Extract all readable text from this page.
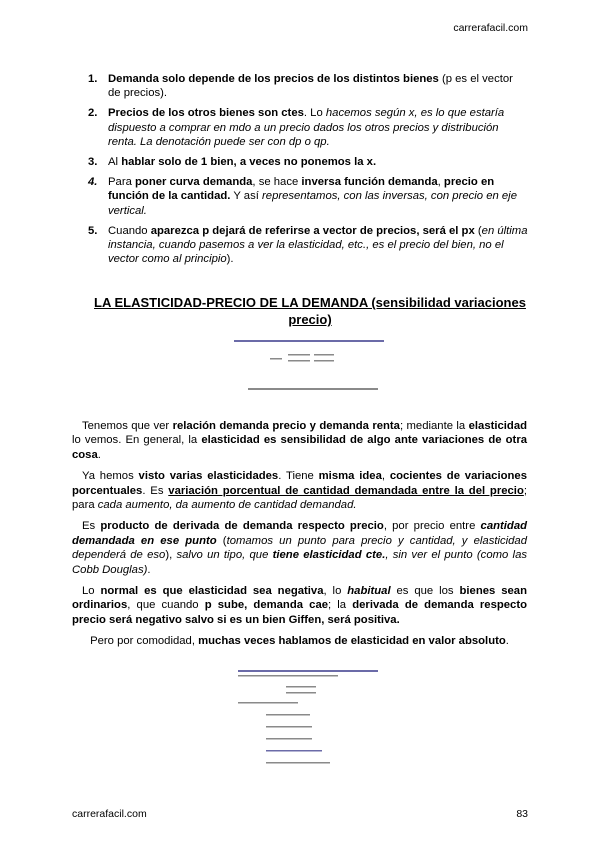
carrerafacil.com
1. Demanda solo depende de los precios de los distintos bienes (p es el vector de precios).
2. Precios de los otros bienes son ctes. Lo hacemos según x, es lo que estaría dispuesto a comprar en mdo a un precio dados los otros precios y distribución renta. La denotación puede ser con dp o qp.
3. Al hablar solo de 1 bien, a veces no ponemos la x.
4. Para poner curva demanda, se hace inversa función demanda, precio en función de la cantidad. Y así representamos, con las inversas, con precio en eje vertical.
5. Cuando aparezca p dejará de referirse a vector de precios, será el px (en última instancia, cuando pasemos a ver la elasticidad, etc., es el precio del bien, no el vector como al principio).
LA ELASTICIDAD-PRECIO DE LA DEMANDA (sensibilidad variaciones precio)

Tenemos que ver relación demanda precio y demanda renta; mediante la elasticidad lo vemos. En general, la elasticidad es sensibilidad de algo ante variaciones de otra cosa.

Ya hemos visto varias elasticidades. Tiene misma idea, cocientes de variaciones porcentuales. Es variación porcentual de cantidad demandada entre la del precio; para cada aumento, da aumento de cantidad demandad.

Es producto de derivada de demanda respecto precio, por precio entre cantidad demandada en ese punto (tomamos un punto para precio y cantidad, y elasticidad dependerá de eso), salvo un tipo, que tiene elasticidad cte., sin ver el punto (como las Cobb Douglas).

Lo normal es que elasticidad sea negativa, lo habitual es que los bienes sean ordinarios, que cuando p sube, demanda cae; la derivada de demanda respecto precio será negativo salvo si es un bien Giffen, será positiva.

Pero por comodidad, muchas veces hablamos de elasticidad en valor absoluto.

carrerafacil.com	83
